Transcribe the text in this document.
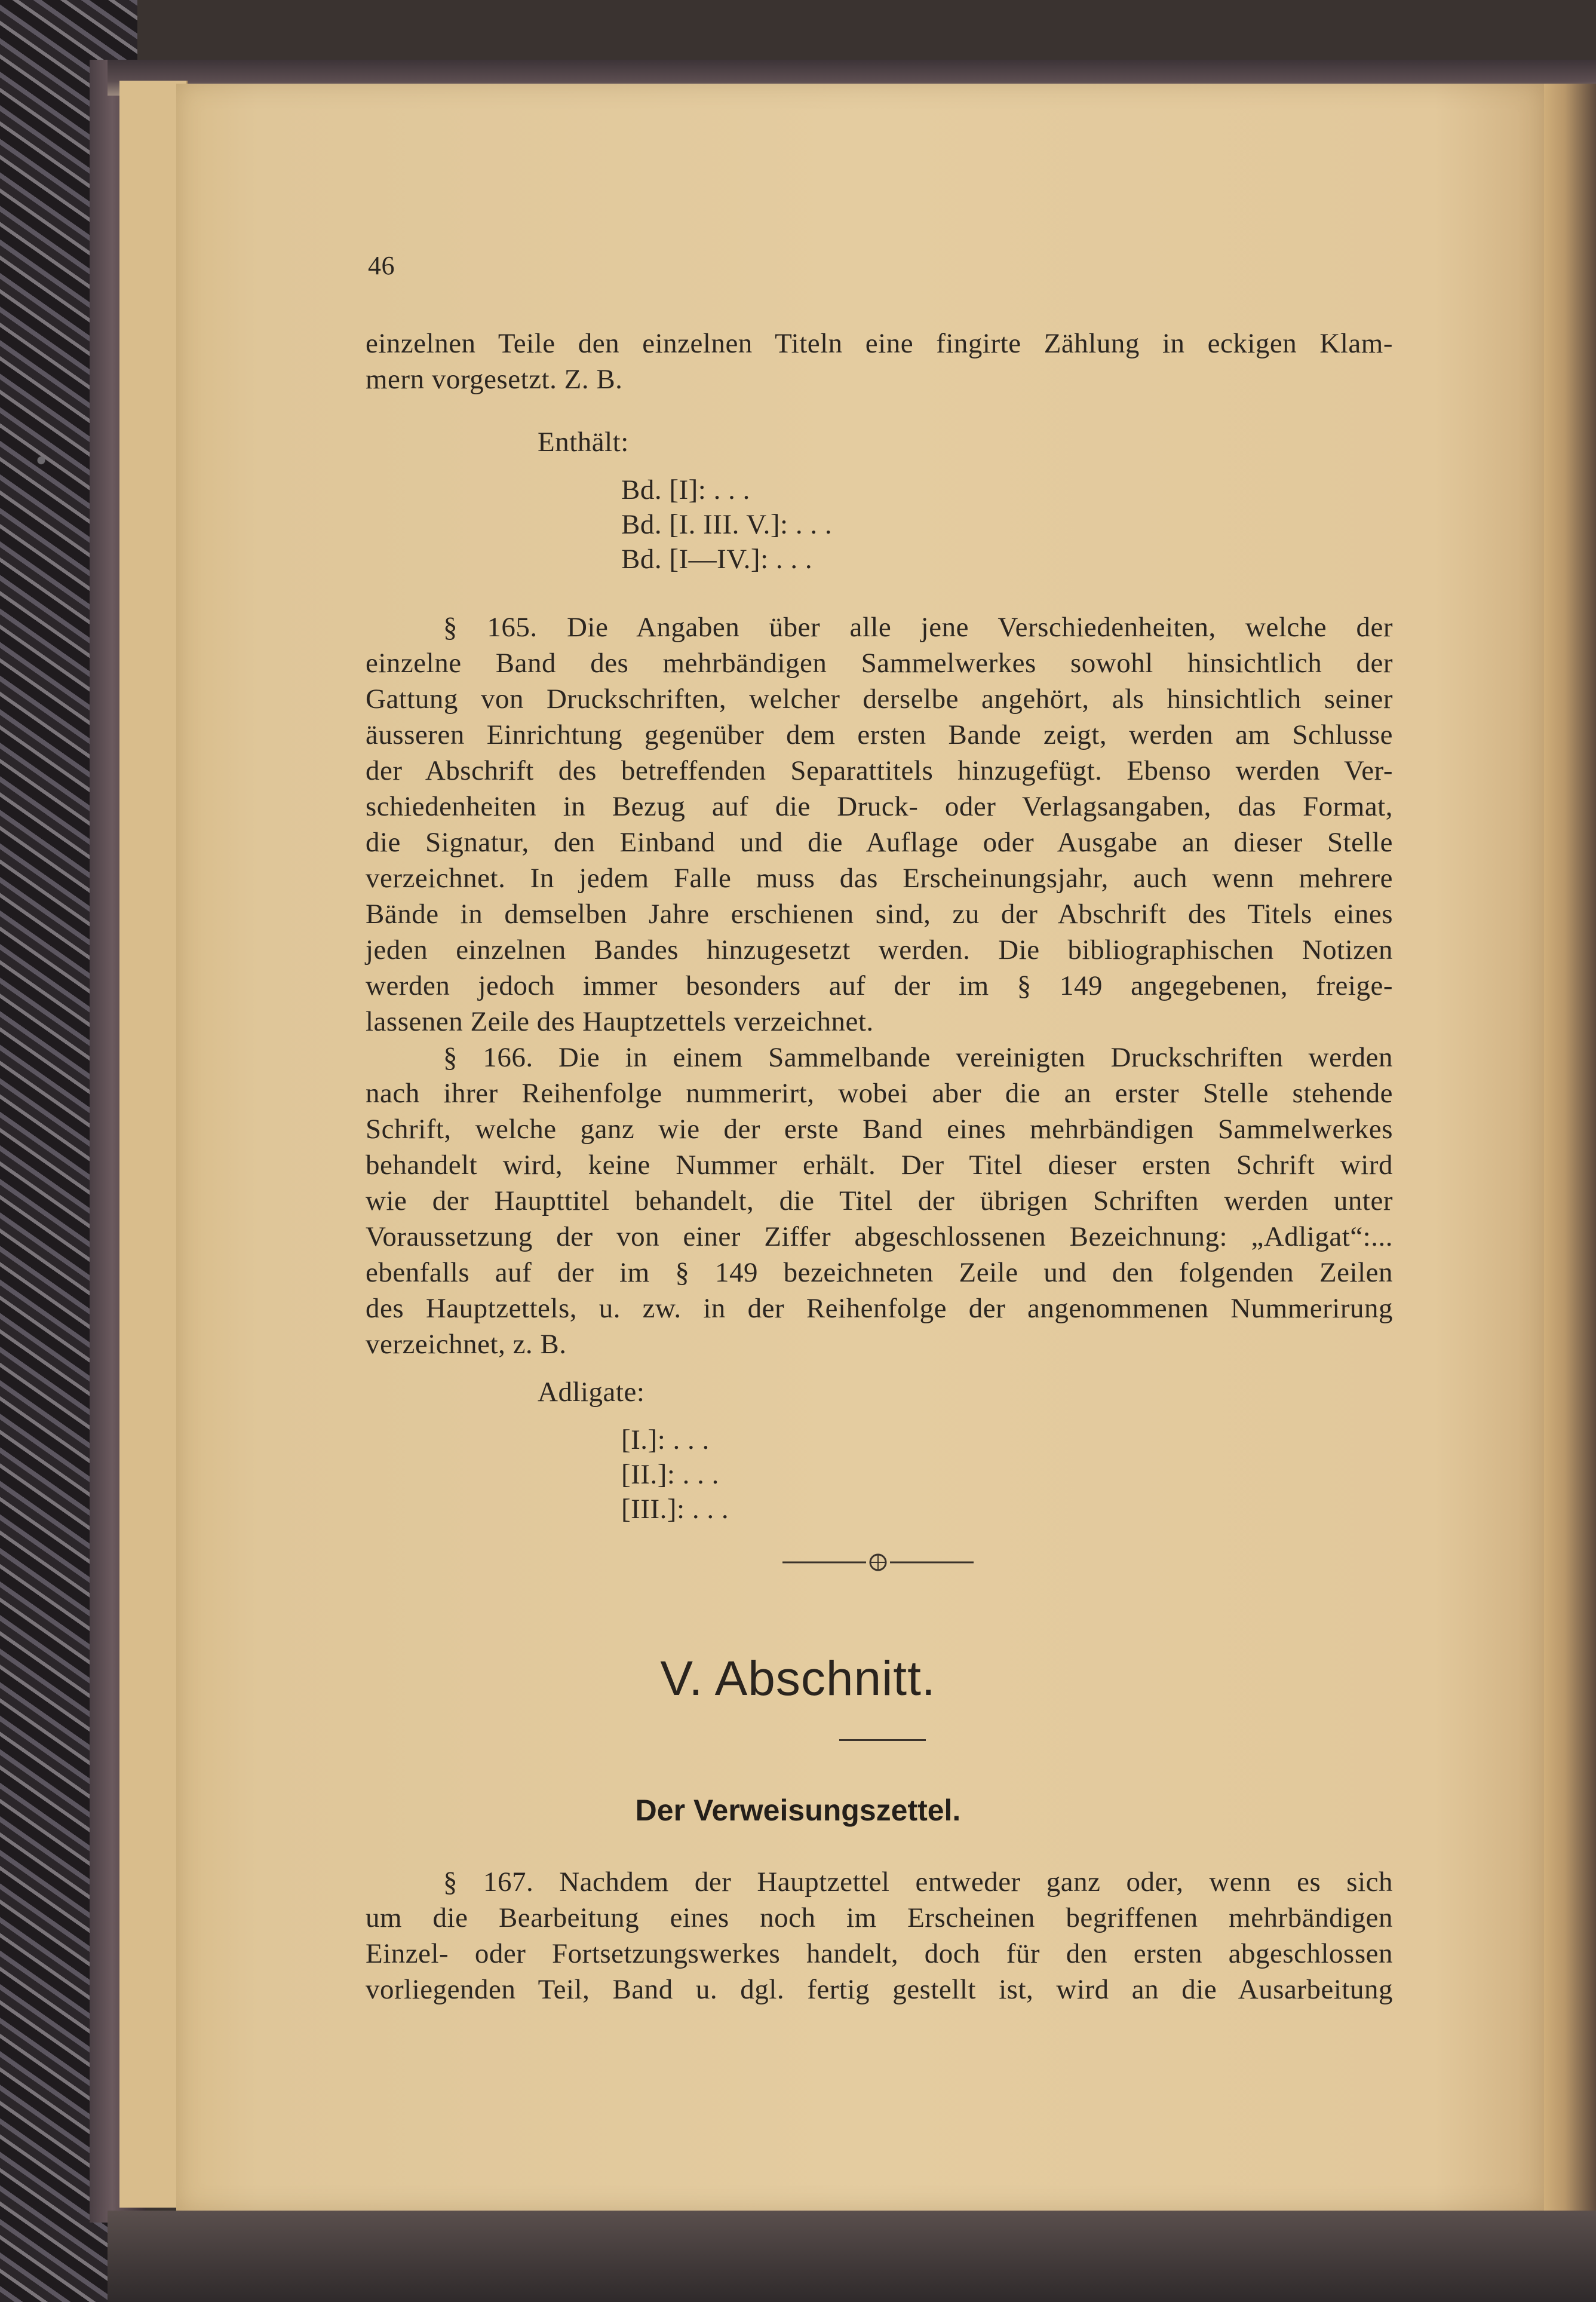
46
einzelnen Teile den einzelnen Titeln eine fingirte Zählung in eckigen Klam-
mern vorgesetzt. Z. B.
Enthält:
Bd. [I]: . . .
Bd. [I. III. V.]: . . .
Bd. [I—IV.]: . . .
§ 165. Die Angaben über alle jene Verschiedenheiten, welche der
einzelne Band des mehrbändigen Sammelwerkes sowohl hinsichtlich der
Gattung von Druckschriften, welcher derselbe angehört, als hinsichtlich seiner
äusseren Einrichtung gegenüber dem ersten Bande zeigt, werden am Schlusse
der Abschrift des betreffenden Separattitels hinzugefügt. Ebenso werden Ver-
schiedenheiten in Bezug auf die Druck- oder Verlagsangaben, das Format,
die Signatur, den Einband und die Auflage oder Ausgabe an dieser Stelle
verzeichnet. In jedem Falle muss das Erscheinungsjahr, auch wenn mehrere
Bände in demselben Jahre erschienen sind, zu der Abschrift des Titels eines
jeden einzelnen Bandes hinzugesetzt werden. Die bibliographischen Notizen
werden jedoch immer besonders auf der im § 149 angegebenen, freige-
lassenen Zeile des Hauptzettels verzeichnet.
§ 166. Die in einem Sammelbande vereinigten Druckschriften werden
nach ihrer Reihenfolge nummerirt, wobei aber die an erster Stelle stehende
Schrift, welche ganz wie der erste Band eines mehrbändigen Sammelwerkes
behandelt wird, keine Nummer erhält. Der Titel dieser ersten Schrift wird
wie der Haupttitel behandelt, die Titel der übrigen Schriften werden unter
Voraussetzung der von einer Ziffer abgeschlossenen Bezeichnung: „Adligat“:...
ebenfalls auf der im § 149 bezeichneten Zeile und den folgenden Zeilen
des Hauptzettels, u. zw. in der Reihenfolge der angenommenen Nummerirung
verzeichnet, z. B.
Adligate:
[I.]: . . .
[II.]: . . .
[III.]: . . .
V. Abschnitt.
Der Verweisungszettel.
§ 167. Nachdem der Hauptzettel entweder ganz oder, wenn es sich
um die Bearbeitung eines noch im Erscheinen begriffenen mehrbändigen
Einzel- oder Fortsetzungswerkes handelt, doch für den ersten abgeschlossen
vorliegenden Teil, Band u. dgl. fertig gestellt ist, wird an die Ausarbeitung
